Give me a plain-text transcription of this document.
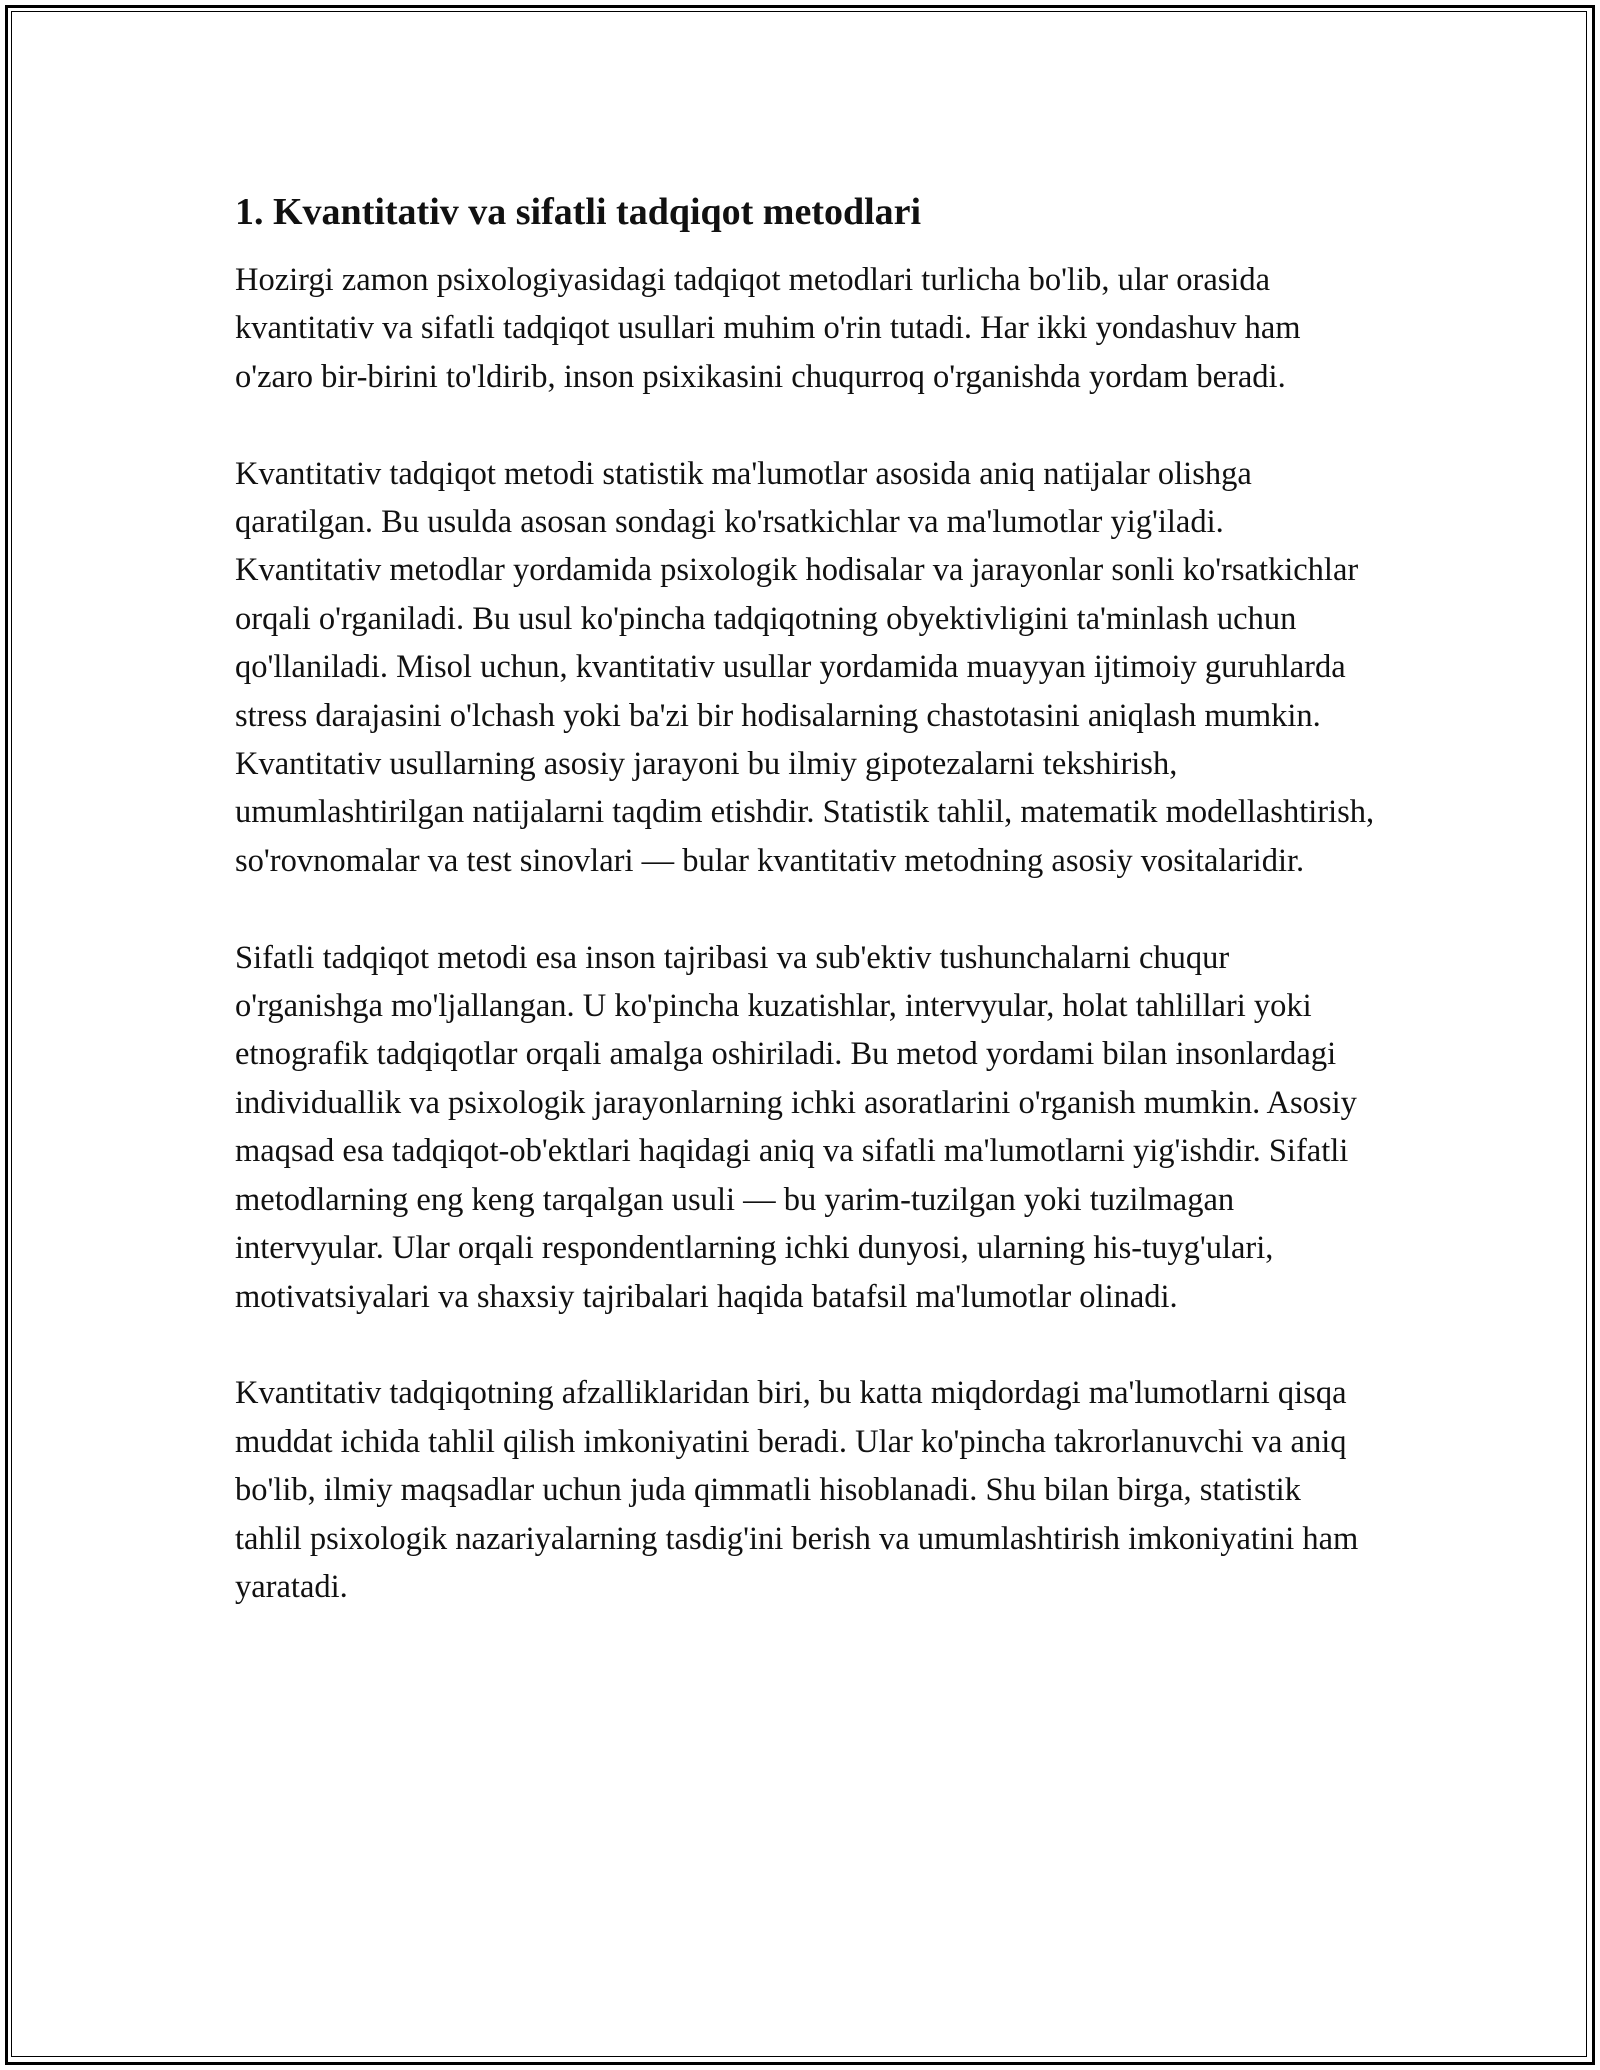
1. Kvantitativ va sifatli tadqiqot metodlari

Hozirgi zamon psixologiyasidagi tadqiqot metodlari turlicha bo'lib, ular orasida kvantitativ va sifatli tadqiqot usullari muhim o'rin tutadi. Har ikki yondashuv ham o'zaro bir-birini to'ldirib, inson psixikasini chuqurroq o'rganishda yordam beradi.

Kvantitativ tadqiqot metodi statistik ma'lumotlar asosida aniq natijalar olishga qaratilgan. Bu usulda asosan sondagi ko'rsatkichlar va ma'lumotlar yig'iladi. Kvantitativ metodlar yordamida psixologik hodisalar va jarayonlar sonli ko'rsatkichlar orqali o'rganiladi. Bu usul ko'pincha tadqiqotning obyektivligini ta'minlash uchun qo'llaniladi. Misol uchun, kvantitativ usullar yordamida muayyan ijtimoiy guruhlarda stress darajasini o'lchash yoki ba'zi bir hodisalarning chastotasini aniqlash mumkin. Kvantitativ usullarning asosiy jarayoni bu ilmiy gipotezalarni tekshirish, umumlashtirilgan natijalarni taqdim etishdir. Statistik tahlil, matematik modellashtirish, so'rovnomalar va test sinovlari — bular kvantitativ metodning asosiy vositalaridir.

Sifatli tadqiqot metodi esa inson tajribasi va sub'ektiv tushunchalarni chuqur o'rganishga mo'ljallangan. U ko'pincha kuzatishlar, intervyular, holat tahlillari yoki etnografik tadqiqotlar orqali amalga oshiriladi. Bu metod yordami bilan insonlardagi individuallik va psixologik jarayonlarning ichki asoratlarini o'rganish mumkin. Asosiy maqsad esa tadqiqot-ob'ektlari haqidagi aniq va sifatli ma'lumotlarni yig'ishdir. Sifatli metodlarning eng keng tarqalgan usuli — bu yarim-tuzilgan yoki tuzilmagan intervyular. Ular orqali respondentlarning ichki dunyosi, ularning his-tuyg'ulari, motivatsiyalari va shaxsiy tajribalari haqida batafsil ma'lumotlar olinadi.

Kvantitativ tadqiqotning afzalliklaridan biri, bu katta miqdordagi ma'lumotlarni qisqa muddat ichida tahlil qilish imkoniyatini beradi. Ular ko'pincha takrorlanuvchi va aniq bo'lib, ilmiy maqsadlar uchun juda qimmatli hisoblanadi. Shu bilan birga, statistik tahlil psixologik nazariyalarning tasdig'ini berish va umumlashtirish imkoniyatini ham yaratadi.
